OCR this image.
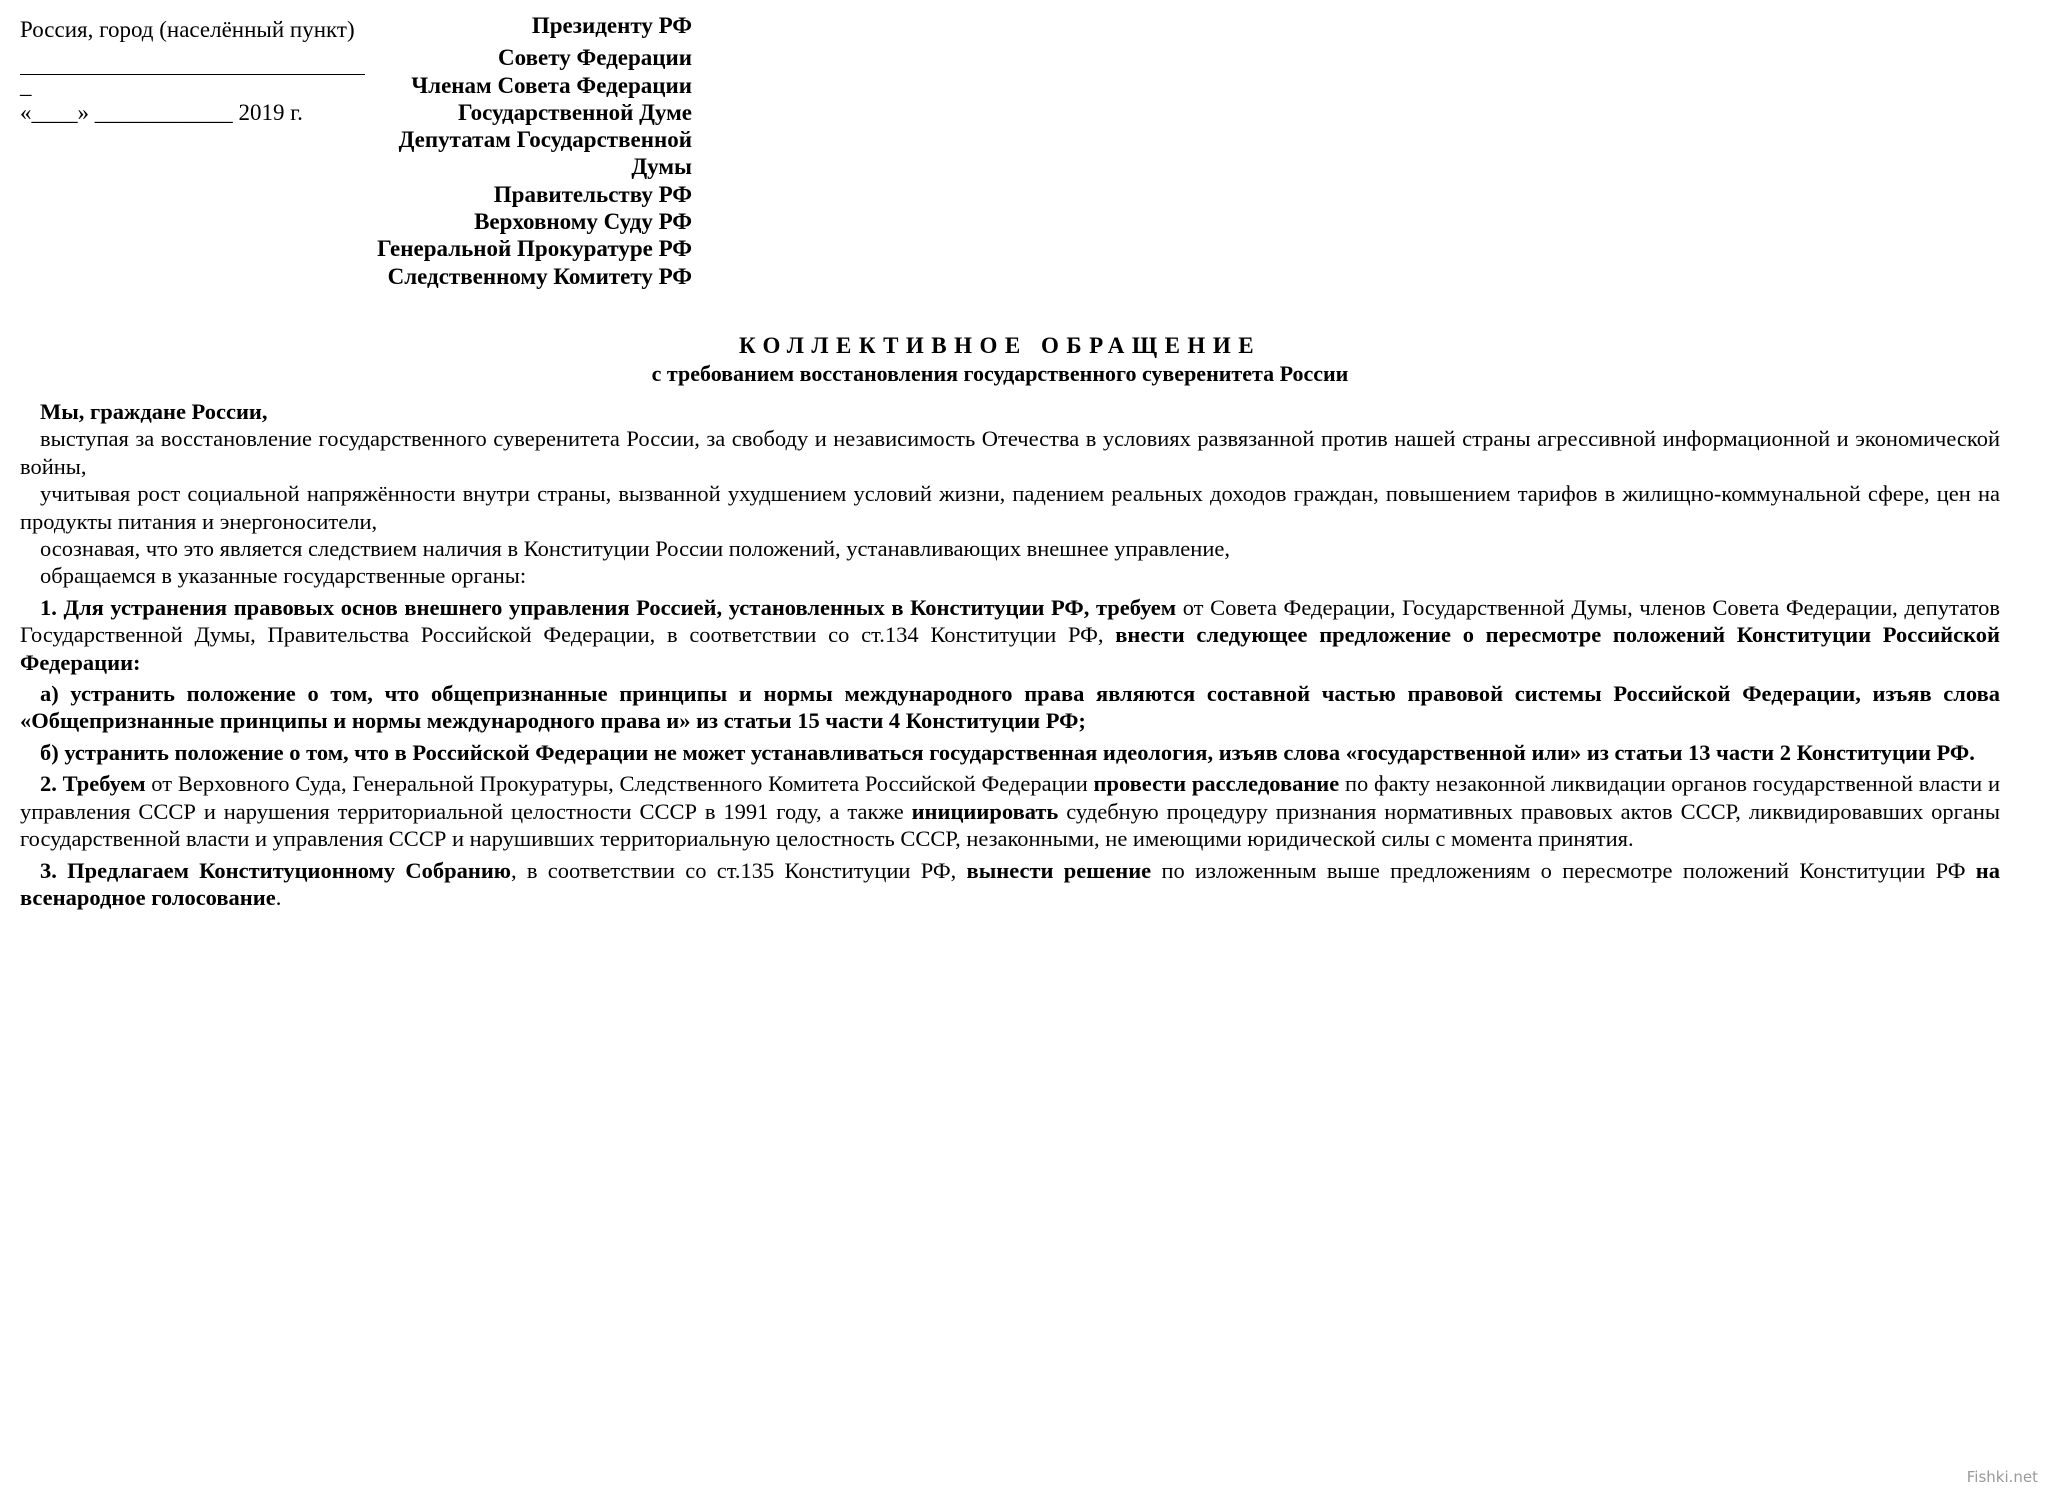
Россия, город (населённый пункт)
_
«____» ____________ 2019 г.
Президенту РФ
Совету Федерации
Членам Совета Федерации
Государственной Думе
Депутатам Государственной Думы
Правительству РФ
Верховному Суду РФ
Генеральной Прокуратуре РФ
Следственному Комитету РФ
КОЛЛЕКТИВНОЕ ОБРАЩЕНИЕ
с требованием восстановления государственного суверенитета России

Мы, граждане России,

выступая за восстановление государственного суверенитета России, за свободу и независимость Отечества в условиях развязанной против нашей страны агрессивной информационной и экономической войны,

учитывая рост социальной напряжённости внутри страны, вызванной ухудшением условий жизни, падением реальных доходов граждан, повышением тарифов в жилищно-коммунальной сфере, цен на продукты питания и энергоносители,

осознавая, что это является следствием наличия в Конституции России положений, устанавливающих внешнее управление,

обращаемся в указанные государственные органы:

1. Для устранения правовых основ внешнего управления Россией, установленных в Конституции РФ, требуем от Совета Федерации, Государственной Думы, членов Совета Федерации, депутатов Государственной Думы, Правительства Российской Федерации, в соответствии со ст.134 Конституции РФ, внести следующее предложение о пересмотре положений Конституции Российской Федерации:

а) устранить положение о том, что общепризнанные принципы и нормы международного права являются составной частью правовой системы Российской Федерации, изъяв слова «Общепризнанные принципы и нормы международного права и» из статьи 15 части 4 Конституции РФ;

б) устранить положение о том, что в Российской Федерации не может устанавливаться государственная идеология, изъяв слова «государственной или» из статьи 13 части 2 Конституции РФ.

2. Требуем от Верховного Суда, Генеральной Прокуратуры, Следственного Комитета Российской Федерации провести расследование по факту незаконной ликвидации органов государственной власти и управления СССР и нарушения территориальной целостности СССР в 1991 году, а также инициировать судебную процедуру признания нормативных правовых актов СССР, ликвидировавших органы государственной власти и управления СССР и нарушивших территориальную целостность СССР, незаконными, не имеющими юридической силы с момента принятия.

3. Предлагаем Конституционному Собранию, в соответствии со ст.135 Конституции РФ, вынести решение по изложенным выше предложениям о пересмотре положений Конституции РФ на всенародное голосование.

Fishki.net
